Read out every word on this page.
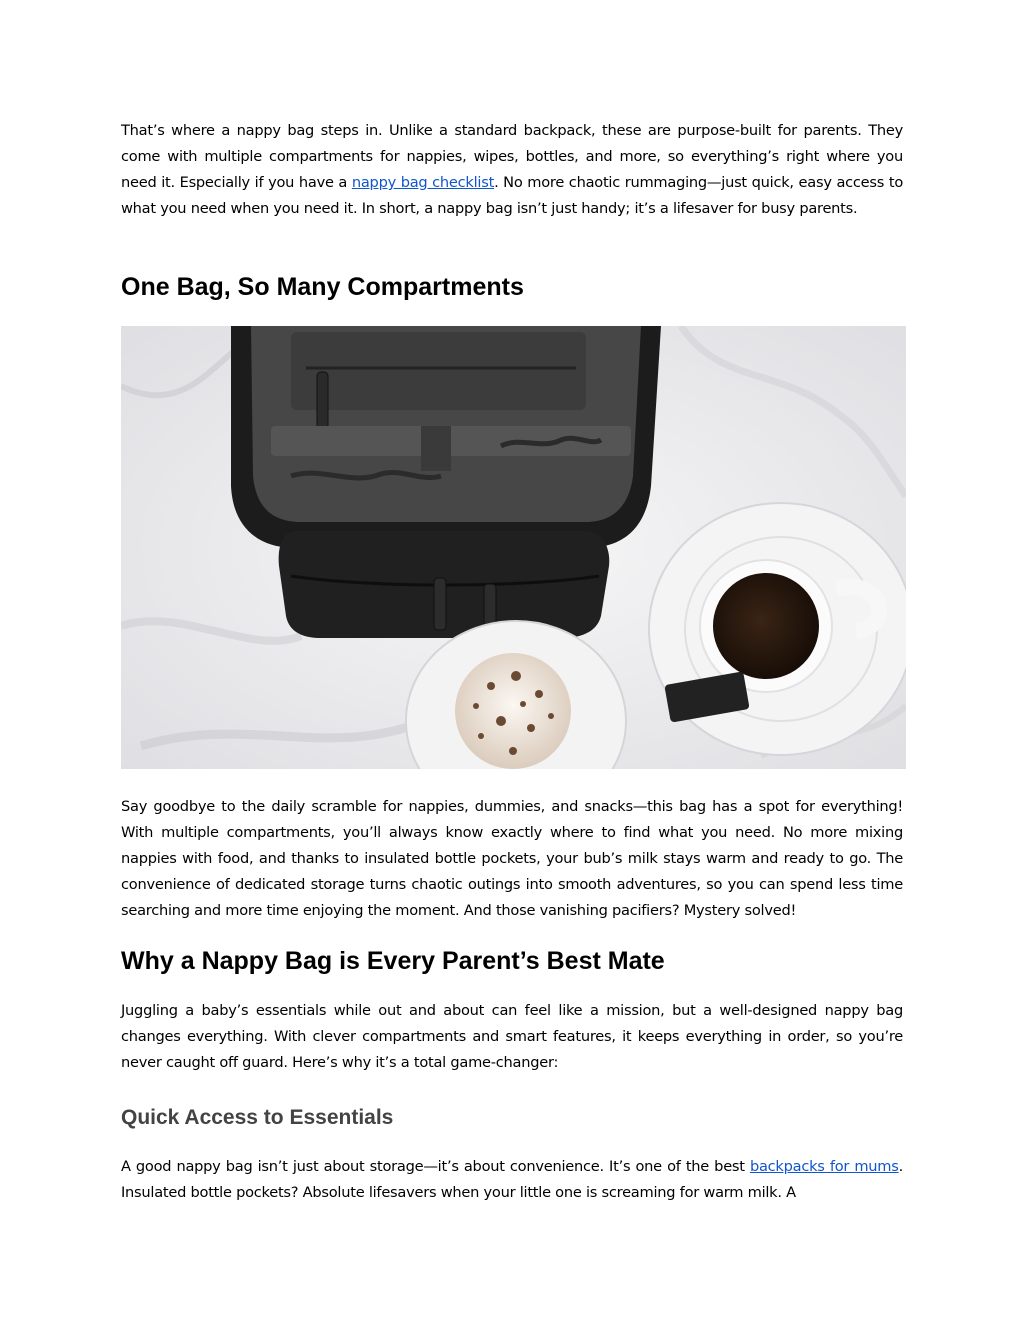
That’s where a nappy bag steps in. Unlike a standard backpack, these are purpose-built for parents. They come with multiple compartments for nappies, wipes, bottles, and more, so everything’s right where you need it. Especially if you have a nappy bag checklist. No more chaotic rummaging—just quick, easy access to what you need when you need it. In short, a nappy bag isn’t just handy; it’s a lifesaver for busy parents.

One Bag, So Many Compartments

Say goodbye to the daily scramble for nappies, dummies, and snacks—this bag has a spot for everything! With multiple compartments, you’ll always know exactly where to find what you need. No more mixing nappies with food, and thanks to insulated bottle pockets, your bub’s milk stays warm and ready to go. The convenience of dedicated storage turns chaotic outings into smooth adventures, so you can spend less time searching and more time enjoying the moment. And those vanishing pacifiers? Mystery solved!

Why a Nappy Bag is Every Parent’s Best Mate

Juggling a baby’s essentials while out and about can feel like a mission, but a well-designed nappy bag changes everything. With clever compartments and smart features, it keeps everything in order, so you’re never caught off guard. Here’s why it’s a total game-changer:

Quick Access to Essentials

A good nappy bag isn’t just about storage—it’s about convenience. It’s one of the best backpacks for mums. Insulated bottle pockets? Absolute lifesavers when your little one is screaming for warm milk. A
